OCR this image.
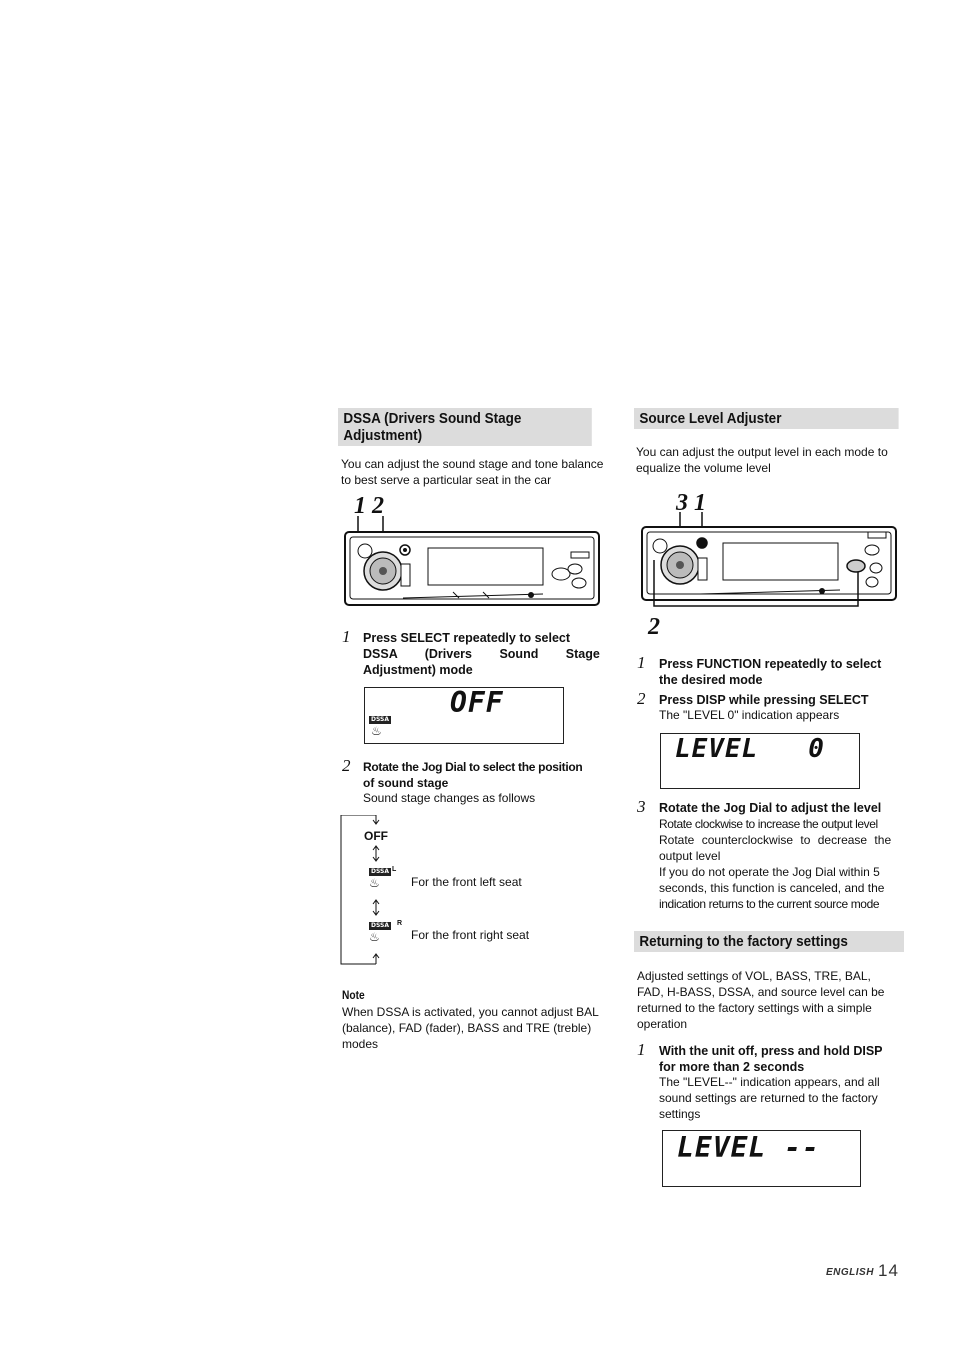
DSSA (Drivers Sound Stage
Adjustment)
You can adjust the sound stage and tone balance
to best serve a particular seat in the car
1 2
1 Press SELECT repeatedly to select
DSSA (Drivers Sound Stage
Adjustment) mode
OFF
DSSA
♨
2 Rotate the Jog Dial to select the position
of sound stage
Sound stage changes as follows
OFF
DSSA L
♨	For the front left seat
DSSA R
♨	For the front right seat
Note
When DSSA is activated, you cannot adjust BAL
(balance), FAD (fader), BASS and TRE (treble)
modes
Source Level Adjuster
You can adjust the output level in each mode to
equalize the volume level
3 1
2
1 Press FUNCTION repeatedly to select
the desired mode
2 Press DISP while pressing SELECT
The "LEVEL 0" indication appears
LEVEL   0
3 Rotate the Jog Dial to adjust the level
Rotate clockwise to increase the output level
Rotate counterclockwise to decrease the
output level
If you do not operate the Jog Dial within 5
seconds, this function is canceled, and the
indication returns to the current source mode
Returning to the factory settings
Adjusted settings of VOL, BASS, TRE, BAL,
FAD, H-BASS, DSSA, and source level can be
returned to the factory settings with a simple
operation
1 With the unit off, press and hold DISP
for more than 2 seconds
The "LEVEL--" indication appears, and all
sound settings are returned to the factory
settings
LEVEL --
ENGLISH 14
